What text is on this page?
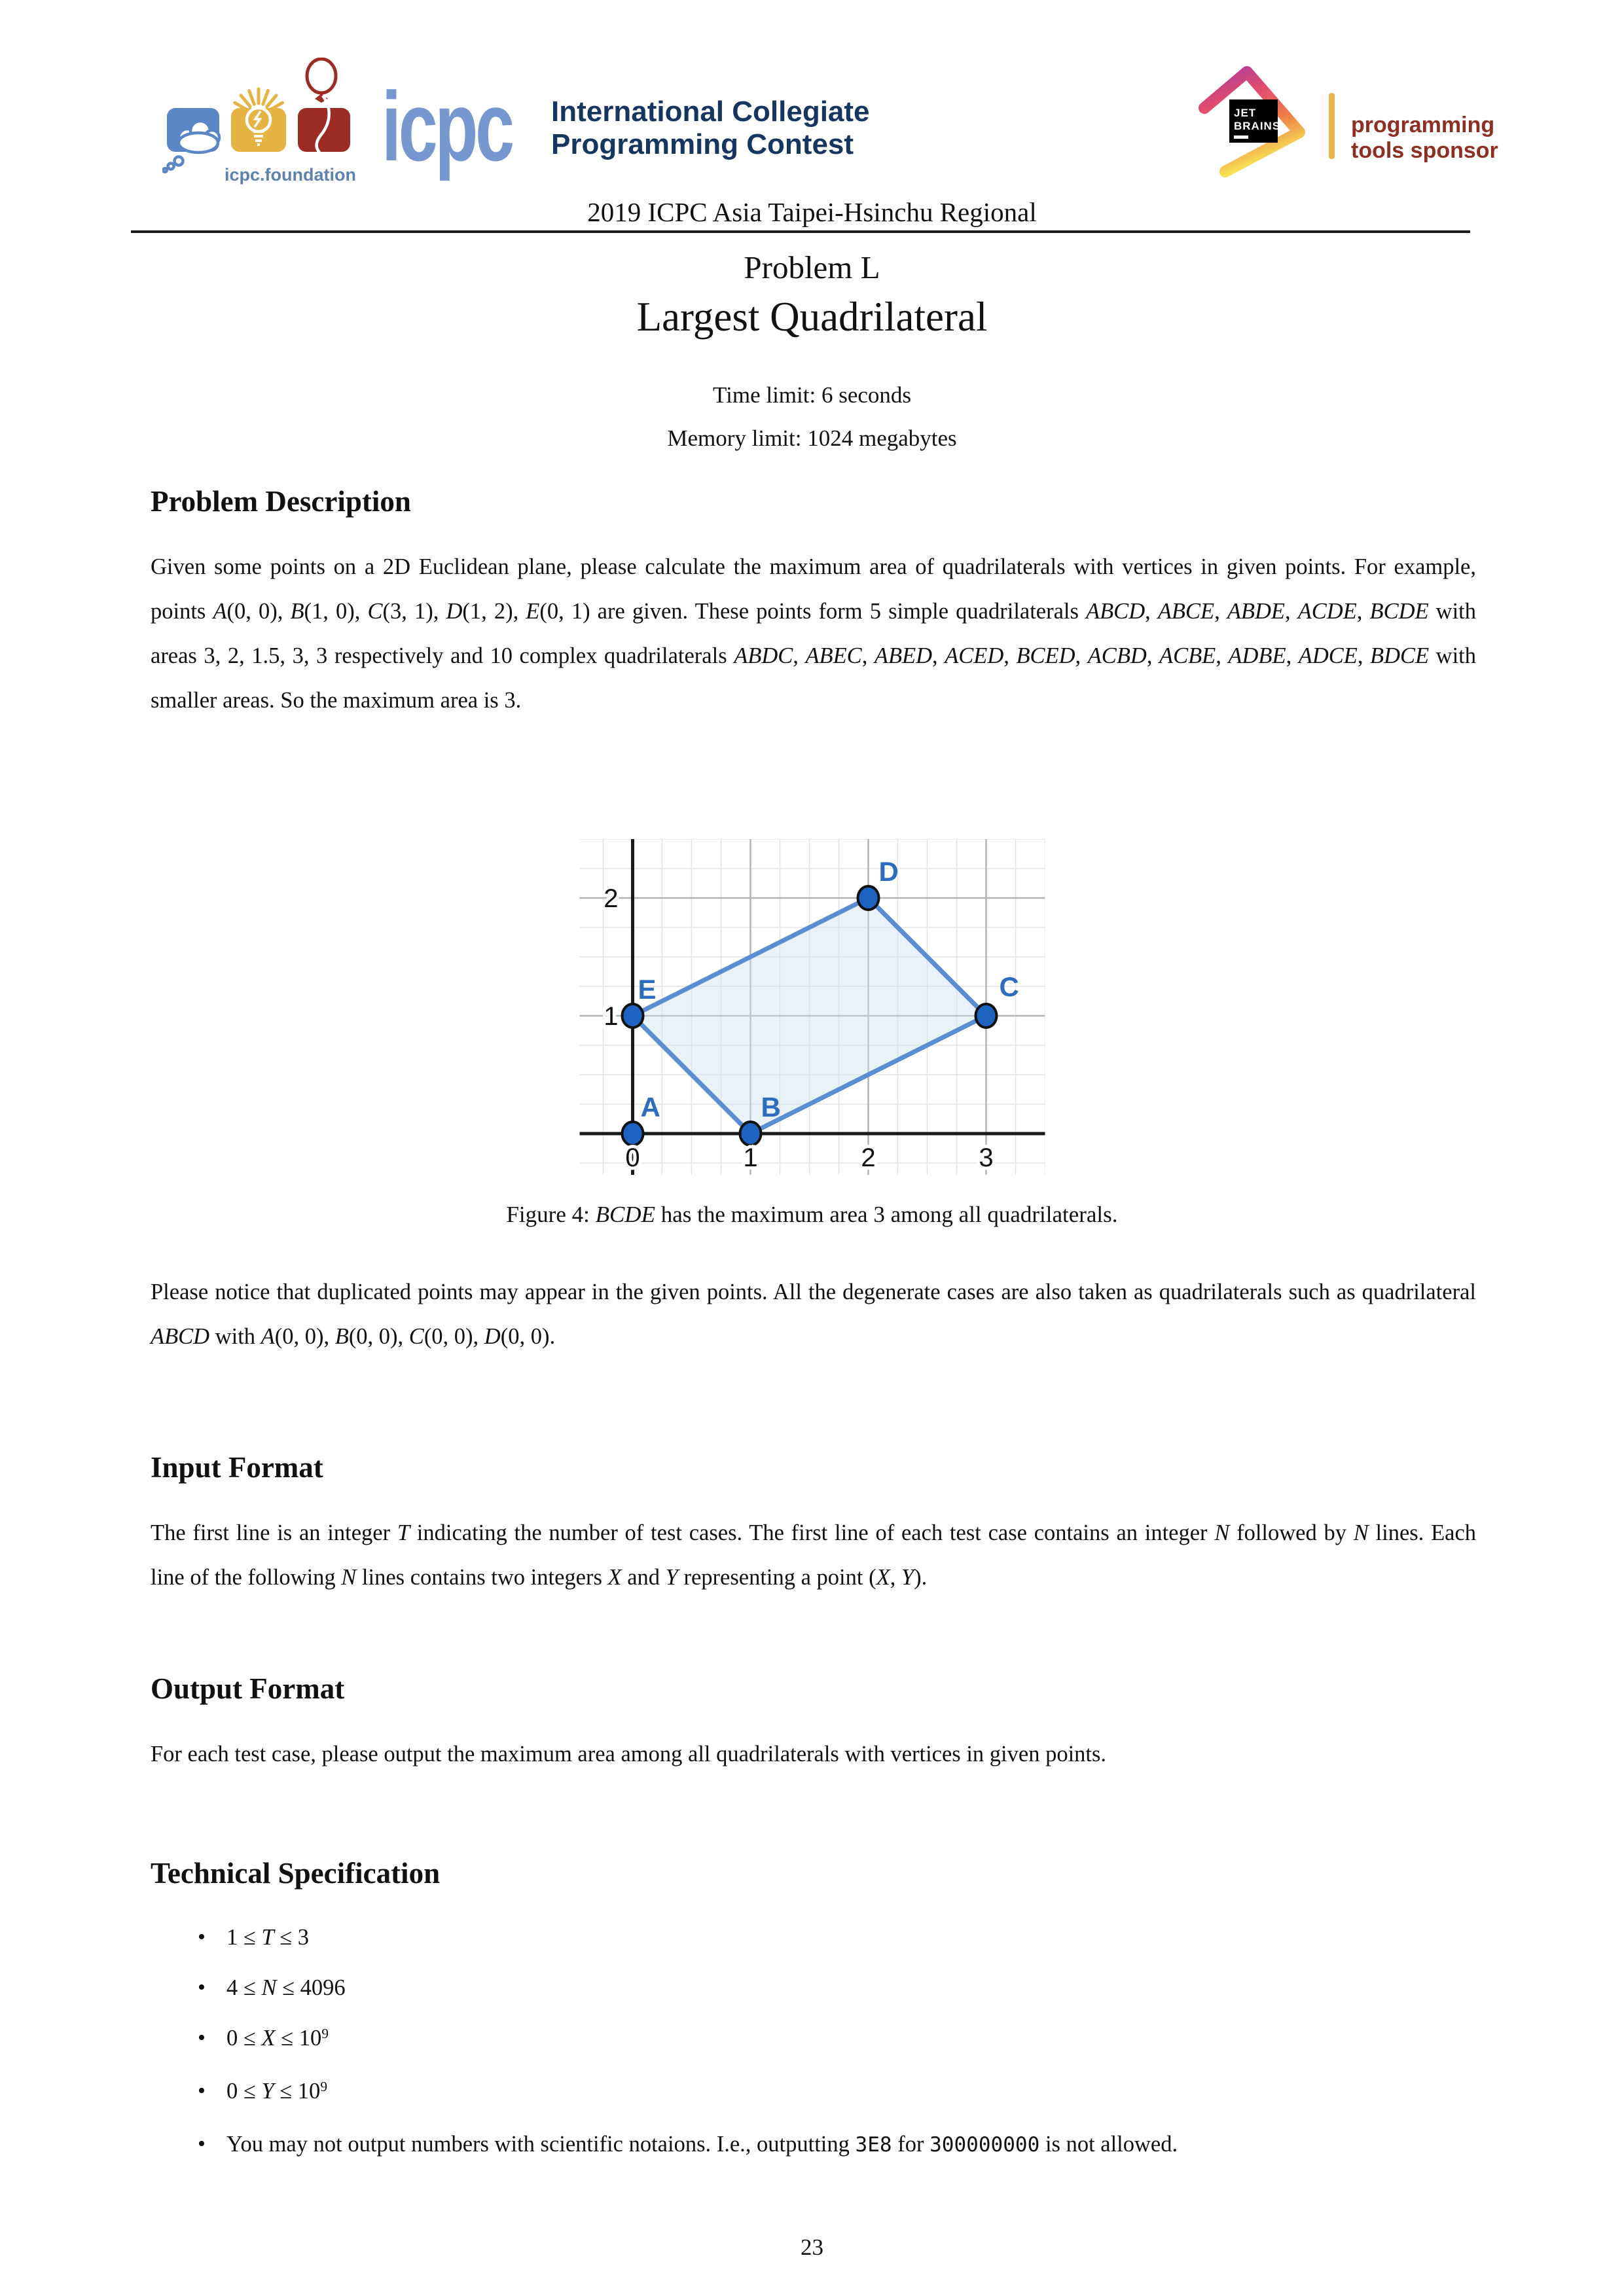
icpc.foundation icpc International Collegiate
Programming Contest
JET
BRAINS	programming
tools sponsor
2019 ICPC Asia Taipei-Hsinchu Regional
Problem L
Largest Quadrilateral
Time limit: 6 seconds
Memory limit: 1024 megabytes
Problem Description
Given some points on a 2D Euclidean plane, please calculate the maximum area of quadrilaterals with vertices in given points. For example, points A(0, 0), B(1, 0), C(3, 1), D(1, 2), E(0, 1) are given. These points form 5 simple quadrilaterals ABCD, ABCE, ABDE, ACDE, BCDE with areas 3, 2, 1.5, 3, 3 respectively and 10 complex quadrilaterals ABDC, ABEC, ABED, ACED, BCED, ACBD, ACBE, ADBE, ADCE, BDCE with smaller areas. So the maximum area is 3.
0	1	2	3
1
2
A	B
C
D
E
Figure 4: BCDE has the maximum area 3 among all quadrilaterals.
Please notice that duplicated points may appear in the given points. All the degenerate cases are also taken as quadrilaterals such as quadrilateral ABCD with A(0, 0), B(0, 0), C(0, 0), D(0, 0).
Input Format
The first line is an integer T indicating the number of test cases. The first line of each test case contains an integer N followed by N lines. Each line of the following N lines contains two integers X and Y representing a point (X, Y).
Output Format
For each test case, please output the maximum area among all quadrilaterals with vertices in given points.
Technical Specification
• 1 ≤ T ≤ 3
• 4 ≤ N ≤ 4096
• $0 \le X \le 10^9$
• $0 \le Y \le 10^9$
• You may not output numbers with scientific notaions. I.e., outputting 3E8 for 300000000 is not allowed.
23
